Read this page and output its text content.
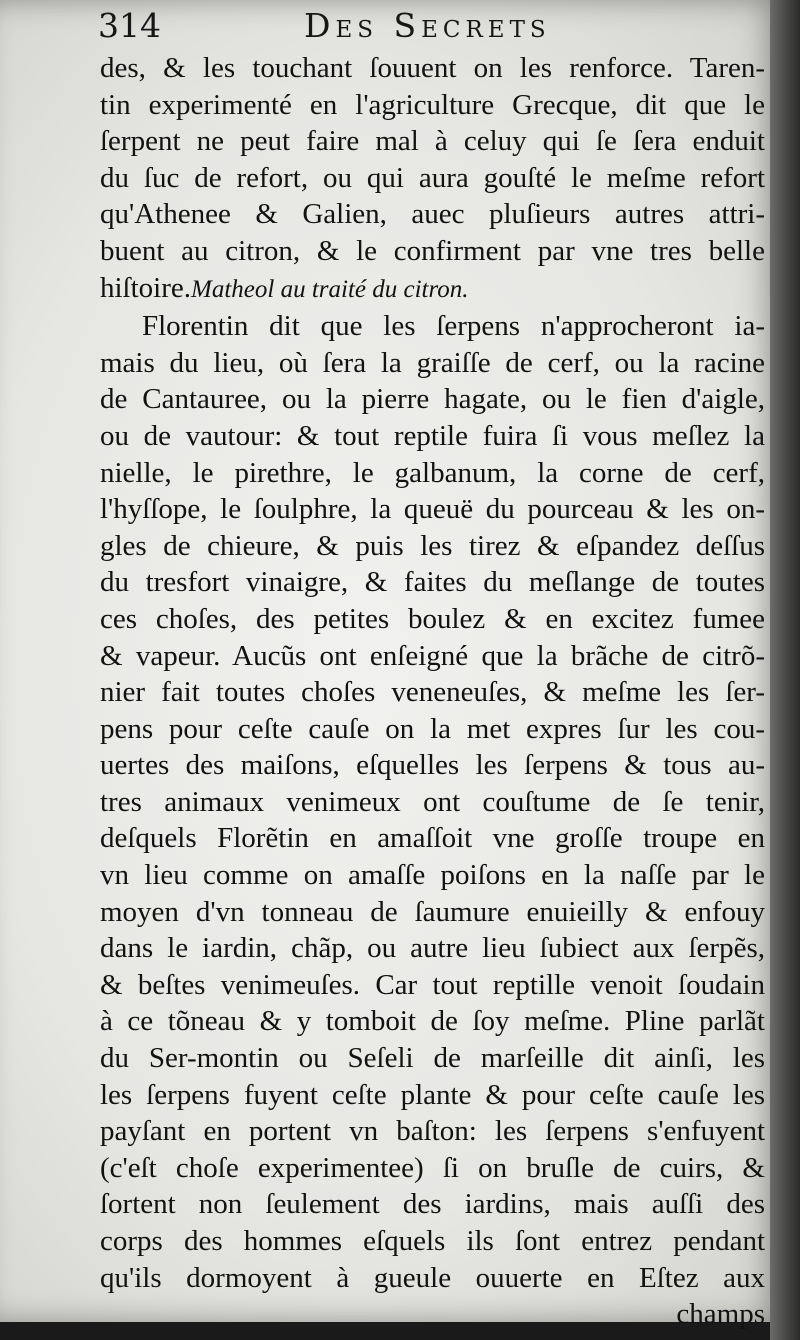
314	Des Secrets
des, & les touchant ſouuent on les renforce. Taren-
tin experimenté en l'agriculture Grecque, dit que le
ſerpent ne peut faire mal à celuy qui ſe ſera enduit
du ſuc de refort, ou qui aura gouſté le meſme refort
qu'Athenee & Galien, auec pluſieurs autres attri-
buent au citron, & le confirment par vne tres belle
hiſtoire.Matheol au traité du citron.
Florentin dit que les ſerpens n'approcheront ia-
mais du lieu, où ſera la graiſſe de cerf, ou la racine
de Cantauree, ou la pierre hagate, ou le fien d'aigle,
ou de vautour: & tout reptile fuira ſi vous meſlez la
nielle, le pirethre, le galbanum, la corne de cerf,
l'hyſſope, le ſoulphre, la queuë du pourceau & les on-
gles de chieure, & puis les tirez & eſpandez deſſus
du tresfort vinaigre, & faites du meſlange de toutes
ces choſes, des petites boulez & en excitez fumee
& vapeur. Aucũs ont enſeigné que la brãche de citrõ-
nier fait toutes choſes veneneuſes, & meſme les ſer-
pens pour ceſte cauſe on la met expres ſur les cou-
uertes des maiſons, eſquelles les ſerpens & tous au-
tres animaux venimeux ont couſtume de ſe tenir,
deſquels Florẽtin en amaſſoit vne groſſe troupe en
vn lieu comme on amaſſe poiſons en la naſſe par le
moyen d'vn tonneau de ſaumure enuieilly & enfouy
dans le iardin, chãp, ou autre lieu ſubiect aux ſerpẽs,
& beſtes venimeuſes. Car tout reptille venoit ſoudain
à ce tõneau & y tomboit de ſoy meſme. Pline parlãt
du Ser-montin ou Seſeli de marſeille dit ainſi, les
les ſerpens fuyent ceſte plante & pour ceſte cauſe les
payſant en portent vn baſton: les ſerpens s'enfuyent
(c'eſt choſe experimentee) ſi on bruſle de cuirs, &
ſortent non ſeulement des iardins, mais auſſi des
corps des hommes eſquels ils ſont entrez pendant
qu'ils dormoyent à gueule ouuerte en Eſtez aux
champs
